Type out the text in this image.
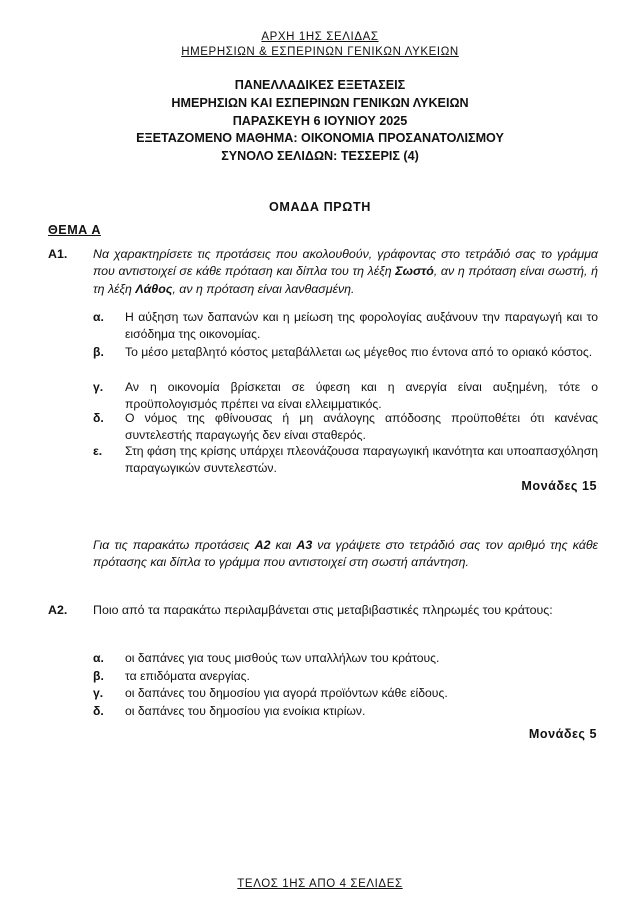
ΑΡΧΗ 1ΗΣ ΣΕΛΙΔΑΣ
ΗΜΕΡΗΣΙΩΝ & ΕΣΠΕΡΙΝΩΝ ΓΕΝΙΚΩΝ ΛΥΚΕΙΩΝ
ΠΑΝΕΛΛΑΔΙΚΕΣ ΕΞΕΤΑΣΕΙΣ
ΗΜΕΡΗΣΙΩΝ ΚΑΙ ΕΣΠΕΡΙΝΩΝ ΓΕΝΙΚΩΝ ΛΥΚΕΙΩΝ
ΠΑΡΑΣΚΕΥΗ 6 ΙΟΥΝΙΟΥ 2025
ΕΞΕΤΑΖΟΜΕΝΟ ΜΑΘΗΜΑ: ΟΙΚΟΝΟΜΙΑ ΠΡΟΣΑΝΑΤΟΛΙΣΜΟΥ
ΣΥΝΟΛΟ ΣΕΛΙΔΩΝ: ΤΕΣΣΕΡΙΣ (4)
ΟΜΑΔΑ ΠΡΩΤΗ
ΘΕΜΑ Α
Α1. Να χαρακτηρίσετε τις προτάσεις που ακολουθούν, γράφοντας στο τετράδιό σας το γράμμα που αντιστοιχεί σε κάθε πρόταση και δίπλα του τη λέξη Σωστό, αν η πρόταση είναι σωστή, ή τη λέξη Λάθος, αν η πρόταση είναι λανθασμένη.
α. Η αύξηση των δαπανών και η μείωση της φορολογίας αυξάνουν την παραγωγή και το εισόδημα της οικονομίας.
β. Το μέσο μεταβλητό κόστος μεταβάλλεται ως μέγεθος πιο έντονα από το οριακό κόστος.
γ. Αν η οικονομία βρίσκεται σε ύφεση και η ανεργία είναι αυξημένη, τότε ο προϋπολογισμός πρέπει να είναι ελλειμματικός.
δ. Ο νόμος της φθίνουσας ή μη ανάλογης απόδοσης προϋποθέτει ότι κανένας συντελεστής παραγωγής δεν είναι σταθερός.
ε. Στη φάση της κρίσης υπάρχει πλεονάζουσα παραγωγική ικανότητα και υποαπασχόληση παραγωγικών συντελεστών.
Μονάδες 15
Για τις παρακάτω προτάσεις Α2 και Α3 να γράψετε στο τετράδιό σας τον αριθμό της κάθε πρότασης και δίπλα το γράμμα που αντιστοιχεί στη σωστή απάντηση.
Α2. Ποιο από τα παρακάτω περιλαμβάνεται στις μεταβιβαστικές πληρωμές του κράτους:
α. οι δαπάνες για τους μισθούς των υπαλλήλων του κράτους.
β. τα επιδόματα ανεργίας.
γ. οι δαπάνες του δημοσίου για αγορά προϊόντων κάθε είδους.
δ. οι δαπάνες του δημοσίου για ενοίκια κτιρίων.
Μονάδες 5
ΤΕΛΟΣ 1ΗΣ ΑΠΟ 4 ΣΕΛΙΔΕΣ
